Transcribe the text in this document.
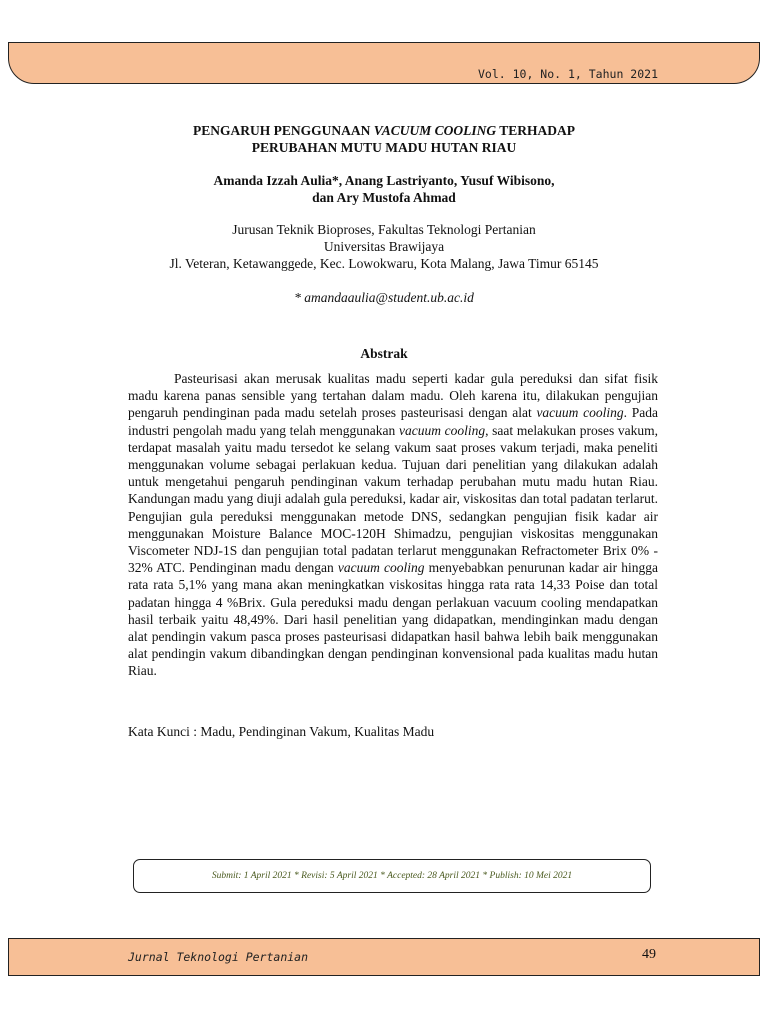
Vol. 10, No. 1, Tahun 2021
PENGARUH PENGGUNAAN VACUUM COOLING TERHADAP
PERUBAHAN MUTU MADU HUTAN RIAU
Amanda Izzah Aulia*, Anang Lastriyanto, Yusuf Wibisono,
dan Ary Mustofa Ahmad
Jurusan Teknik Bioproses, Fakultas Teknologi Pertanian
Universitas Brawijaya
Jl. Veteran, Ketawanggede, Kec. Lowokwaru, Kota Malang, Jawa Timur 65145
* amandaaulia@student.ub.ac.id
Abstrak

Pasteurisasi akan merusak kualitas madu seperti kadar gula pereduksi dan sifat fisik madu karena panas sensible yang tertahan dalam madu. Oleh karena itu, dilakukan pengujian pengaruh pendinginan pada madu setelah proses pasteurisasi dengan alat vacuum cooling. Pada industri pengolah madu yang telah menggunakan vacuum cooling, saat melakukan proses vakum, terdapat masalah yaitu madu tersedot ke selang vakum saat proses vakum terjadi, maka peneliti menggunakan volume sebagai perlakuan kedua. Tujuan dari penelitian yang dilakukan adalah untuk mengetahui pengaruh pendinginan vakum terhadap perubahan mutu madu hutan Riau. Kandungan madu yang diuji adalah gula pereduksi, kadar air, viskositas dan total padatan terlarut. Pengujian gula pereduksi menggunakan metode DNS, sedangkan pengujian fisik kadar air menggunakan Moisture Balance MOC-120H Shimadzu, pengujian viskositas menggunakan Viscometer NDJ-1S dan pengujian total padatan terlarut menggunakan Refractometer Brix 0% - 32% ATC. Pendinginan madu dengan vacuum cooling menyebabkan penurunan kadar air hingga rata rata 5,1% yang mana akan meningkatkan viskositas hingga rata rata 14,33 Poise dan total padatan hingga 4 %Brix. Gula pereduksi madu dengan perlakuan vacuum cooling mendapatkan hasil terbaik yaitu 48,49%. Dari hasil penelitian yang didapatkan, mendinginkan madu dengan alat pendingin vakum pasca proses pasteurisasi didapatkan hasil bahwa lebih baik menggunakan alat pendingin vakum dibandingkan dengan pendinginan konvensional pada kualitas madu hutan Riau.

Kata Kunci : Madu, Pendinginan Vakum, Kualitas Madu
Submit: 1 April 2021 * Revisi: 5 April 2021 * Accepted: 28 April 2021 * Publish: 10 Mei 2021
Jurnal Teknologi Pertanian	49
